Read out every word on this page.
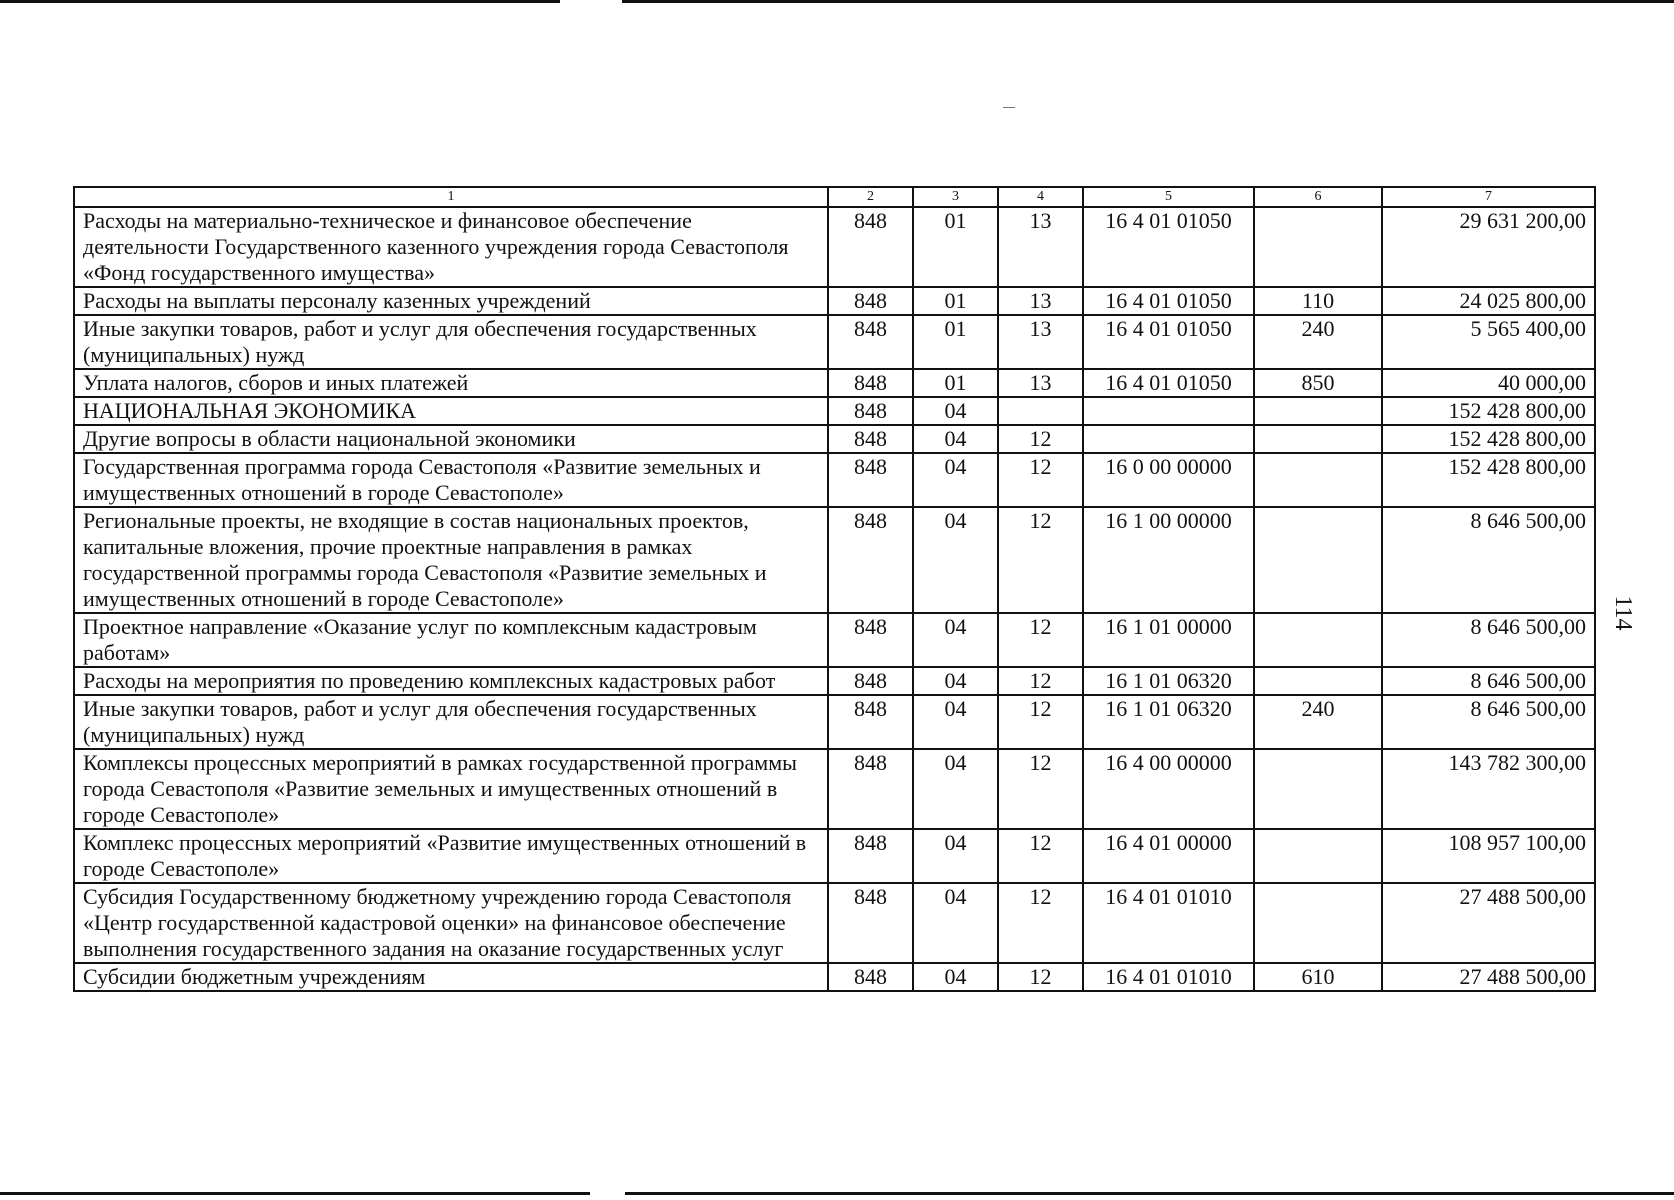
1	2	3	4	5	6	7
Расходы на материально-техническое и финансовое обеспечение деятельности Государственного казенного учреждения города Севастополя «Фонд государственного имущества»	848	01	13	16 4 01 01050		29 631 200,00
Расходы на выплаты персоналу казенных учреждений	848	01	13	16 4 01 01050	110	24 025 800,00
Иные закупки товаров, работ и услуг для обеспечения государственных (муниципальных) нужд	848	01	13	16 4 01 01050	240	5 565 400,00
Уплата налогов, сборов и иных платежей	848	01	13	16 4 01 01050	850	40 000,00
НАЦИОНАЛЬНАЯ ЭКОНОМИКА	848	04				152 428 800,00
Другие вопросы в области национальной экономики	848	04	12			152 428 800,00
Государственная программа города Севастополя «Развитие земельных и имущественных отношений в городе Севастополе»	848	04	12	16 0 00 00000		152 428 800,00
Региональные проекты, не входящие в состав национальных проектов, капитальные вложения, прочие проектные направления в рамках государственной программы города Севастополя «Развитие земельных и имущественных отношений в городе Севастополе»	848	04	12	16 1 00 00000		8 646 500,00
Проектное направление «Оказание услуг по комплексным кадастровым работам»	848	04	12	16 1 01 00000		8 646 500,00
Расходы на мероприятия по проведению комплексных кадастровых работ	848	04	12	16 1 01 06320		8 646 500,00
Иные закупки товаров, работ и услуг для обеспечения государственных (муниципальных) нужд	848	04	12	16 1 01 06320	240	8 646 500,00
Комплексы процессных мероприятий в рамках государственной программы города Севастополя «Развитие земельных и имущественных отношений в городе Севастополе»	848	04	12	16 4 00 00000		143 782 300,00
Комплекс процессных мероприятий «Развитие имущественных отношений в городе Севастополе»	848	04	12	16 4 01 00000		108 957 100,00
Субсидия Государственному бюджетному учреждению города Севастополя «Центр государственной кадастровой оценки» на финансовое обеспечение выполнения государственного задания на оказание государственных услуг	848	04	12	16 4 01 01010		27 488 500,00
Субсидии бюджетным учреждениям	848	04	12	16 4 01 01010	610	27 488 500,00
114
